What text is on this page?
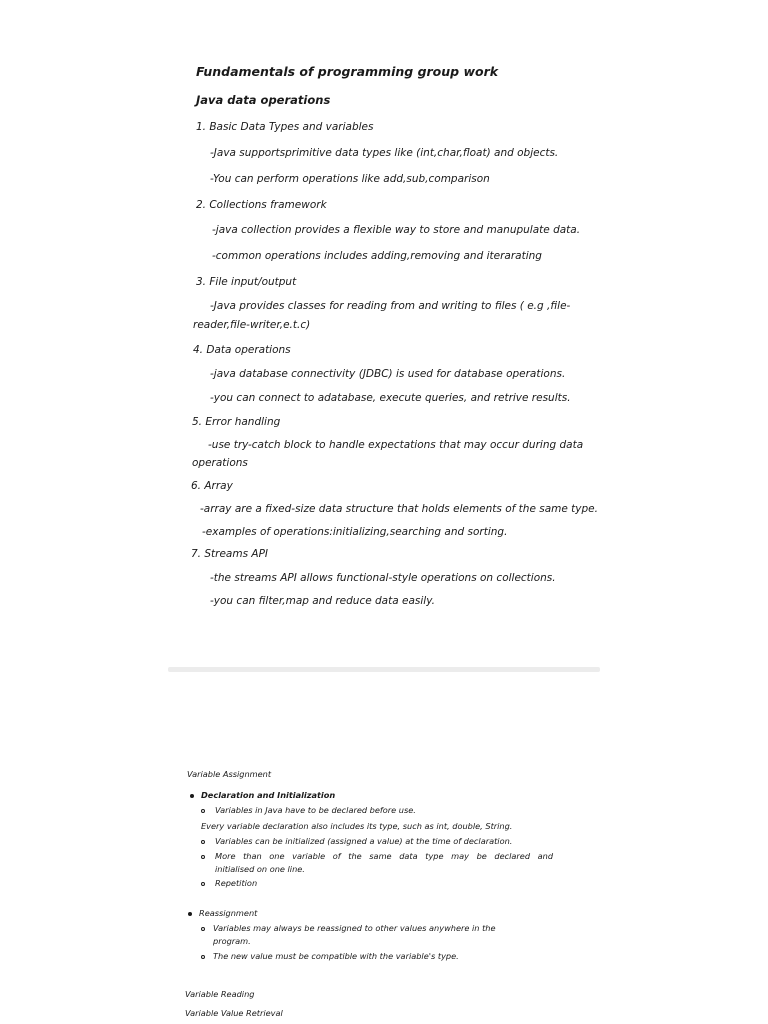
Fundamentals of programming group work
Java data operations
1. Basic Data Types and variables
-Java supportsprimitive data types like (int,char,float) and objects.
-You can perform operations like add,sub,comparison
2. Collections framework
-java collection provides a flexible way to store and manupulate data.
-common operations includes adding,removing and iterarating
3. File input/output
-Java provides classes for reading from and writing to files ( e.g ,file-
reader,file-writer,e.t.c)
4. Data operations
-java database connectivity (JDBC) is used for database operations.
-you can connect to adatabase, execute queries, and retrive results.
5. Error handling
-use try-catch block to handle expectations that may occur during data
operations
6. Array
-array are a fixed-size data structure that holds elements of the same type.
-examples of operations:initializing,searching and sorting.
7. Streams API
-the streams API allows functional-style operations on collections.
-you can filter,map and reduce data easily.
Variable Assignment
Declaration and Initialization
Variables in Java have to be declared before use.
Every variable declaration also includes its type, such as int, double, String.
Variables can be initialized (assigned a value) at the time of declaration.
More than one variable of the same data type may be declared and
initialised on one line.
Repetition
Reassignment
Variables may always be reassigned to other values anywhere in the
program.
The new value must be compatible with the variable's type.
Variable Reading
Variable Value Retrieval
